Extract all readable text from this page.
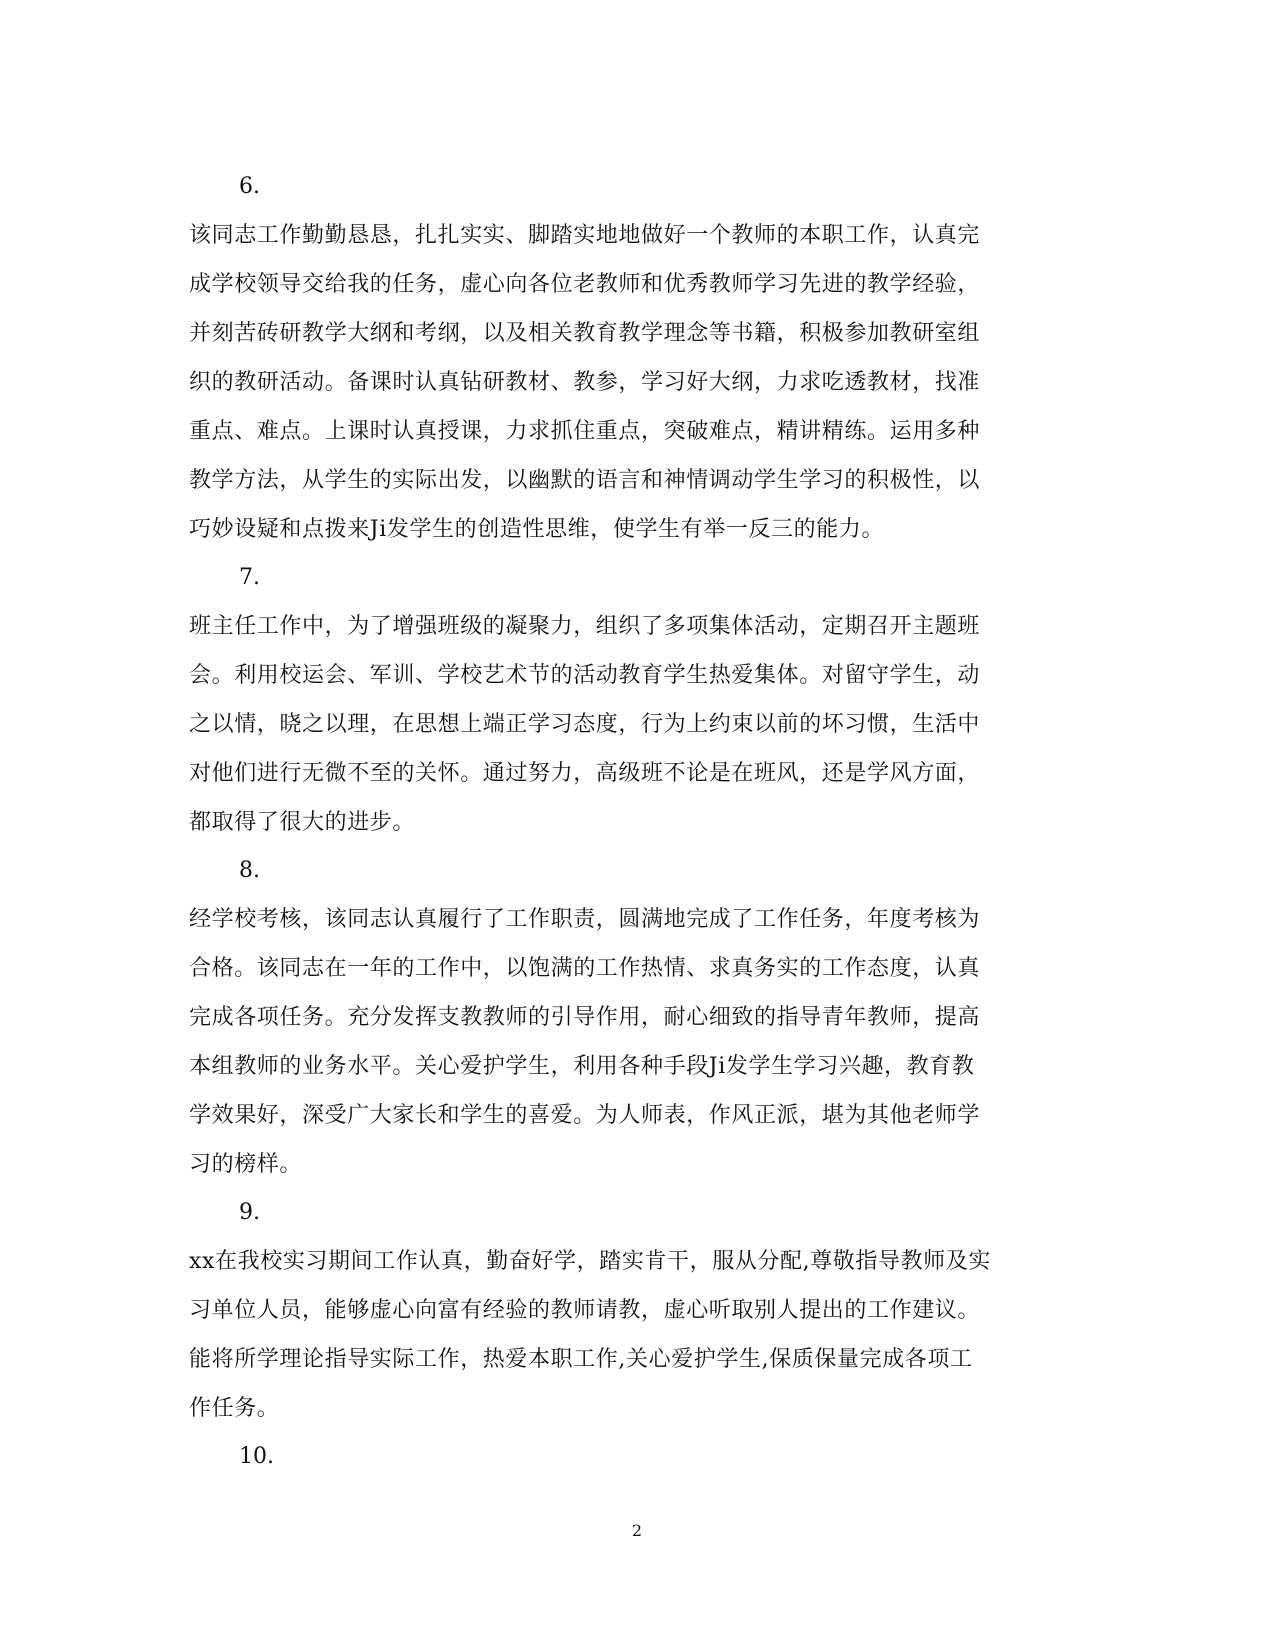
6.

该同志工作勤勤恳恳，扎扎实实、脚踏实地地做好一个教师的本职工作，认真完
成学校领导交给我的任务，虚心向各位老教师和优秀教师学习先进的教学经验，
并刻苦砖研教学大纲和考纲，以及相关教育教学理念等书籍，积极参加教研室组
织的教研活动。备课时认真钻研教材、教参，学习好大纲，力求吃透教材，找准
重点、难点。上课时认真授课，力求抓住重点，突破难点，精讲精练。运用多种
教学方法，从学生的实际出发，以幽默的语言和神情调动学生学习的积极性，以
巧妙设疑和点拨来Ji发学生的创造性思维，使学生有举一反三的能力。

7.

班主任工作中，为了增强班级的凝聚力，组织了多项集体活动，定期召开主题班
会。利用校运会、军训、学校艺术节的活动教育学生热爱集体。对留守学生，动
之以情，晓之以理，在思想上端正学习态度，行为上约束以前的坏习惯，生活中
对他们进行无微不至的关怀。通过努力，高级班不论是在班风，还是学风方面，
都取得了很大的进步。

8.

经学校考核，该同志认真履行了工作职责，圆满地完成了工作任务，年度考核为
合格。该同志在一年的工作中，以饱满的工作热情、求真务实的工作态度，认真
完成各项任务。充分发挥支教教师的引导作用，耐心细致的指导青年教师，提高
本组教师的业务水平。关心爱护学生，利用各种手段Ji发学生学习兴趣，教育教
学效果好，深受广大家长和学生的喜爱。为人师表，作风正派，堪为其他老师学
习的榜样。

9.

xx在我校实习期间工作认真，勤奋好学，踏实肯干，服从分配,尊敬指导教师及实
习单位人员，能够虚心向富有经验的教师请教，虚心听取别人提出的工作建议。
能将所学理论指导实际工作，热爱本职工作,关心爱护学生,保质保量完成各项工
作任务。

10.

2
